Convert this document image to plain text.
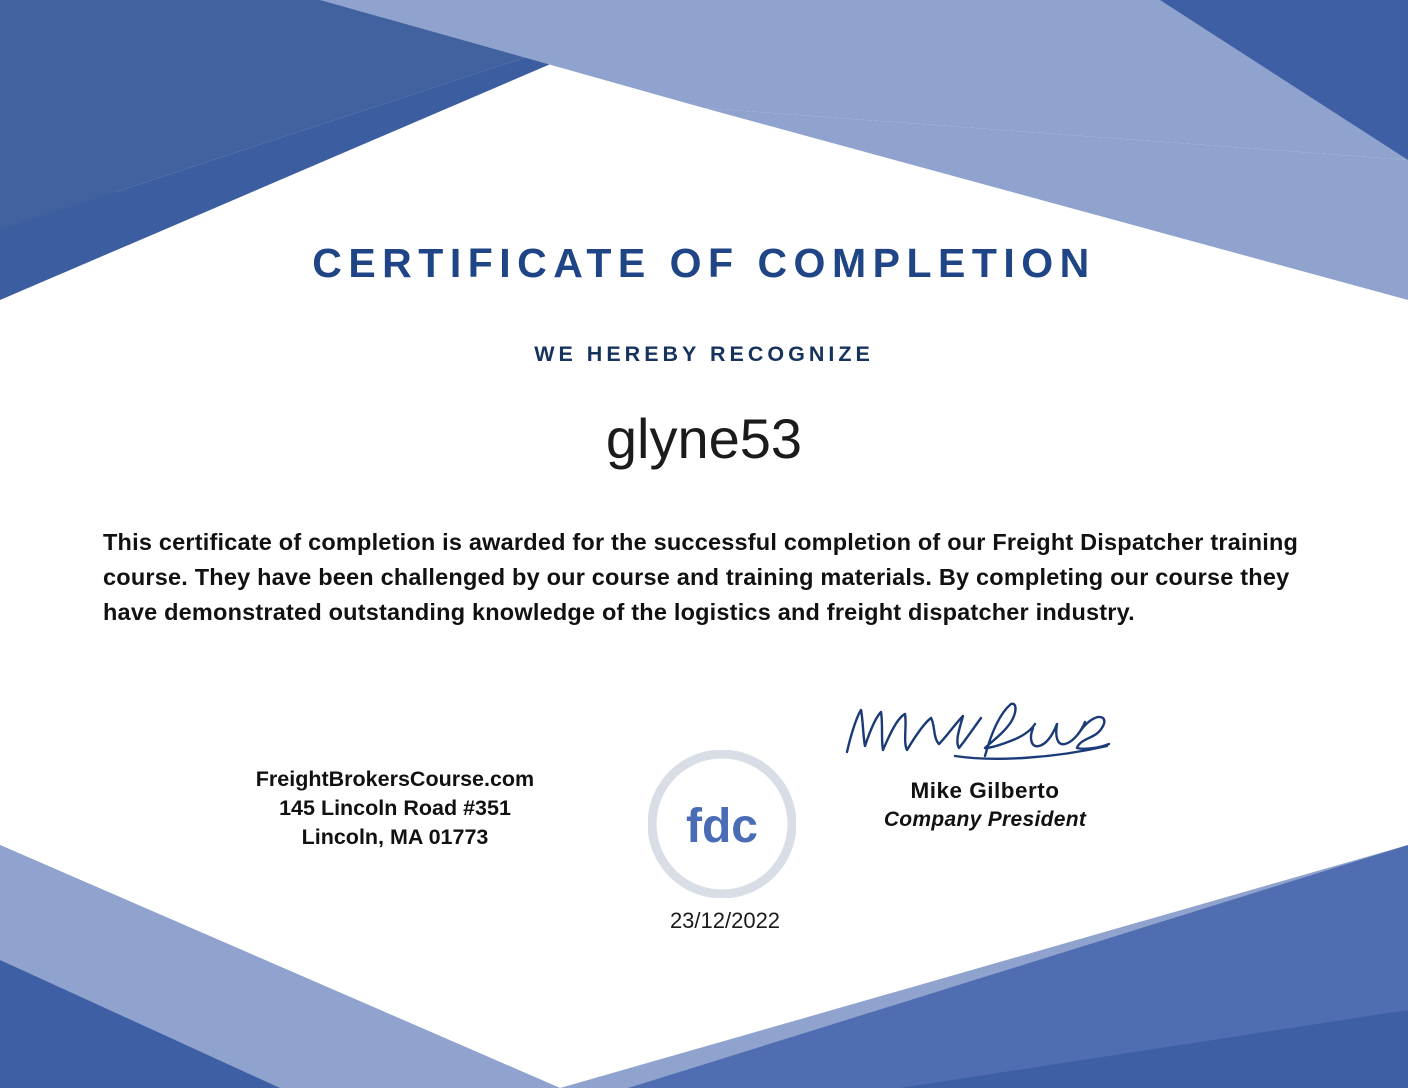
CERTIFICATE OF COMPLETION
WE HEREBY RECOGNIZE
glyne53
This certificate of completion is awarded for the successful completion of our Freight Dispatcher training course. They have been challenged by our course and training materials. By completing our course they have demonstrated outstanding knowledge of the logistics and freight dispatcher industry.
FreightBrokersCourse.com
145 Lincoln Road #351
Lincoln, MA 01773	fdc
Mike Gilberto
Company President
23/12/2022
